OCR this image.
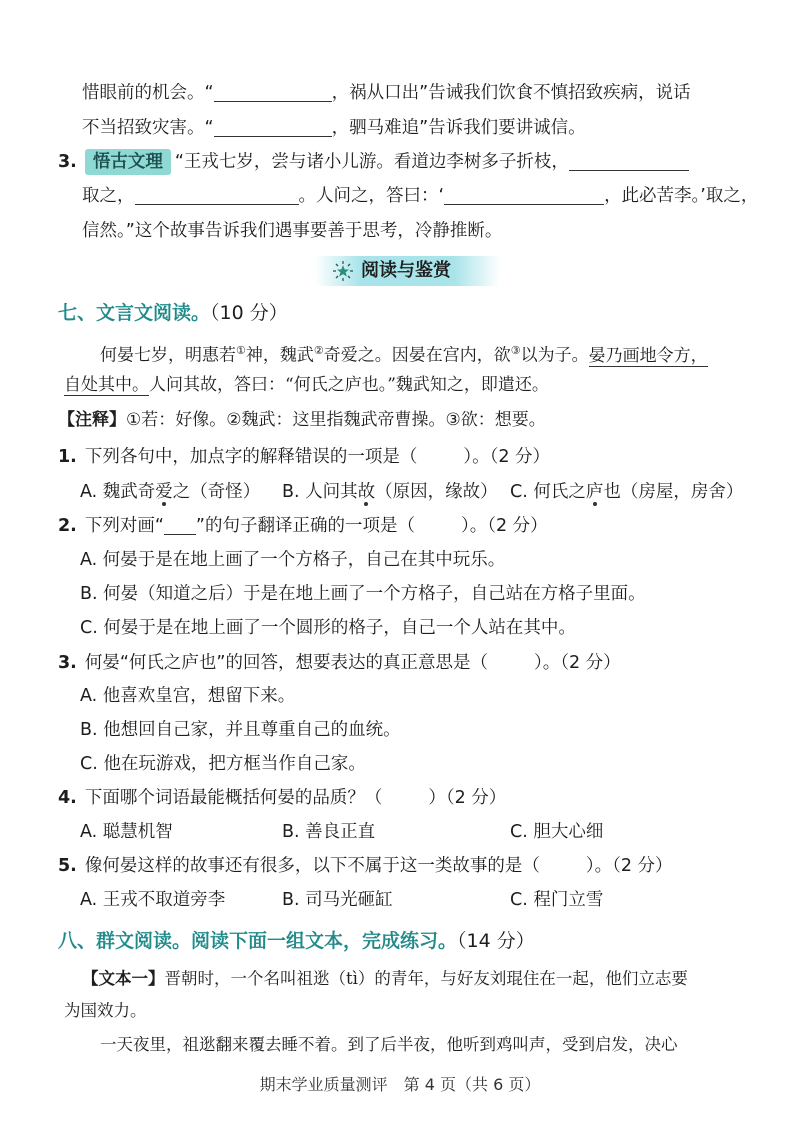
惜眼前的机会。“	，祸从口出”告诫我们饮食不慎招致疾病，说话
不当招致灾害。“	，驷马难追”告诉我们要讲诚信。
3. 悟古文理 “王戎七岁，尝与诸小儿游。看道边李树多子折枝，
取之，	。人问之，答曰：‘	，此必苦李。’取之，
信然。”这个故事告诉我们遇事要善于思考，冷静推断。
阅读与鉴赏
七、文言文阅读。（10 分）
何晏七岁，明惠若①神，魏武②奇爱之。因晏在宫内，欲③以为子。晏乃画地令方，
自处其中。人问其故，答曰：“何氏之庐也。”魏武知之，即遣还。
【注释】①若：好像。②魏武：这里指魏武帝曹操。③欲：想要。
1. 下列各句中，加点字的解释错误的一项是（	）。（2 分）
A. 魏武奇爱之（奇怪） B. 人问其故（原因，缘故） C. 何氏之庐也（房屋，房舍）
2. 下列对画“ ”的句子翻译正确的一项是（	）。（2 分）
A. 何晏于是在地上画了一个方格子，自己在其中玩乐。
B. 何晏（知道之后）于是在地上画了一个方格子，自己站在方格子里面。
C. 何晏于是在地上画了一个圆形的格子，自己一个人站在其中。
3. 何晏“何氏之庐也”的回答，想要表达的真正意思是（	）。（2 分）
A. 他喜欢皇宫，想留下来。
B. 他想回自己家，并且尊重自己的血统。
C. 他在玩游戏，把方框当作自己家。
4. 下面哪个词语最能概括何晏的品质？（	）（2 分）
A. 聪慧机智	B. 善良正直	C. 胆大心细
5. 像何晏这样的故事还有很多，以下不属于这一类故事的是（	）。（2 分）
A. 王戎不取道旁李	B. 司马光砸缸	C. 程门立雪
八、群文阅读。阅读下面一组文本，完成练习。（14 分）
【文本一】晋朝时，一个名叫祖逖（tì）的青年，与好友刘琨住在一起，他们立志要
为国效力。
一天夜里，祖逖翻来覆去睡不着。到了后半夜，他听到鸡叫声，受到启发，决心
期末学业质量测评　第 4 页（共 6 页）
